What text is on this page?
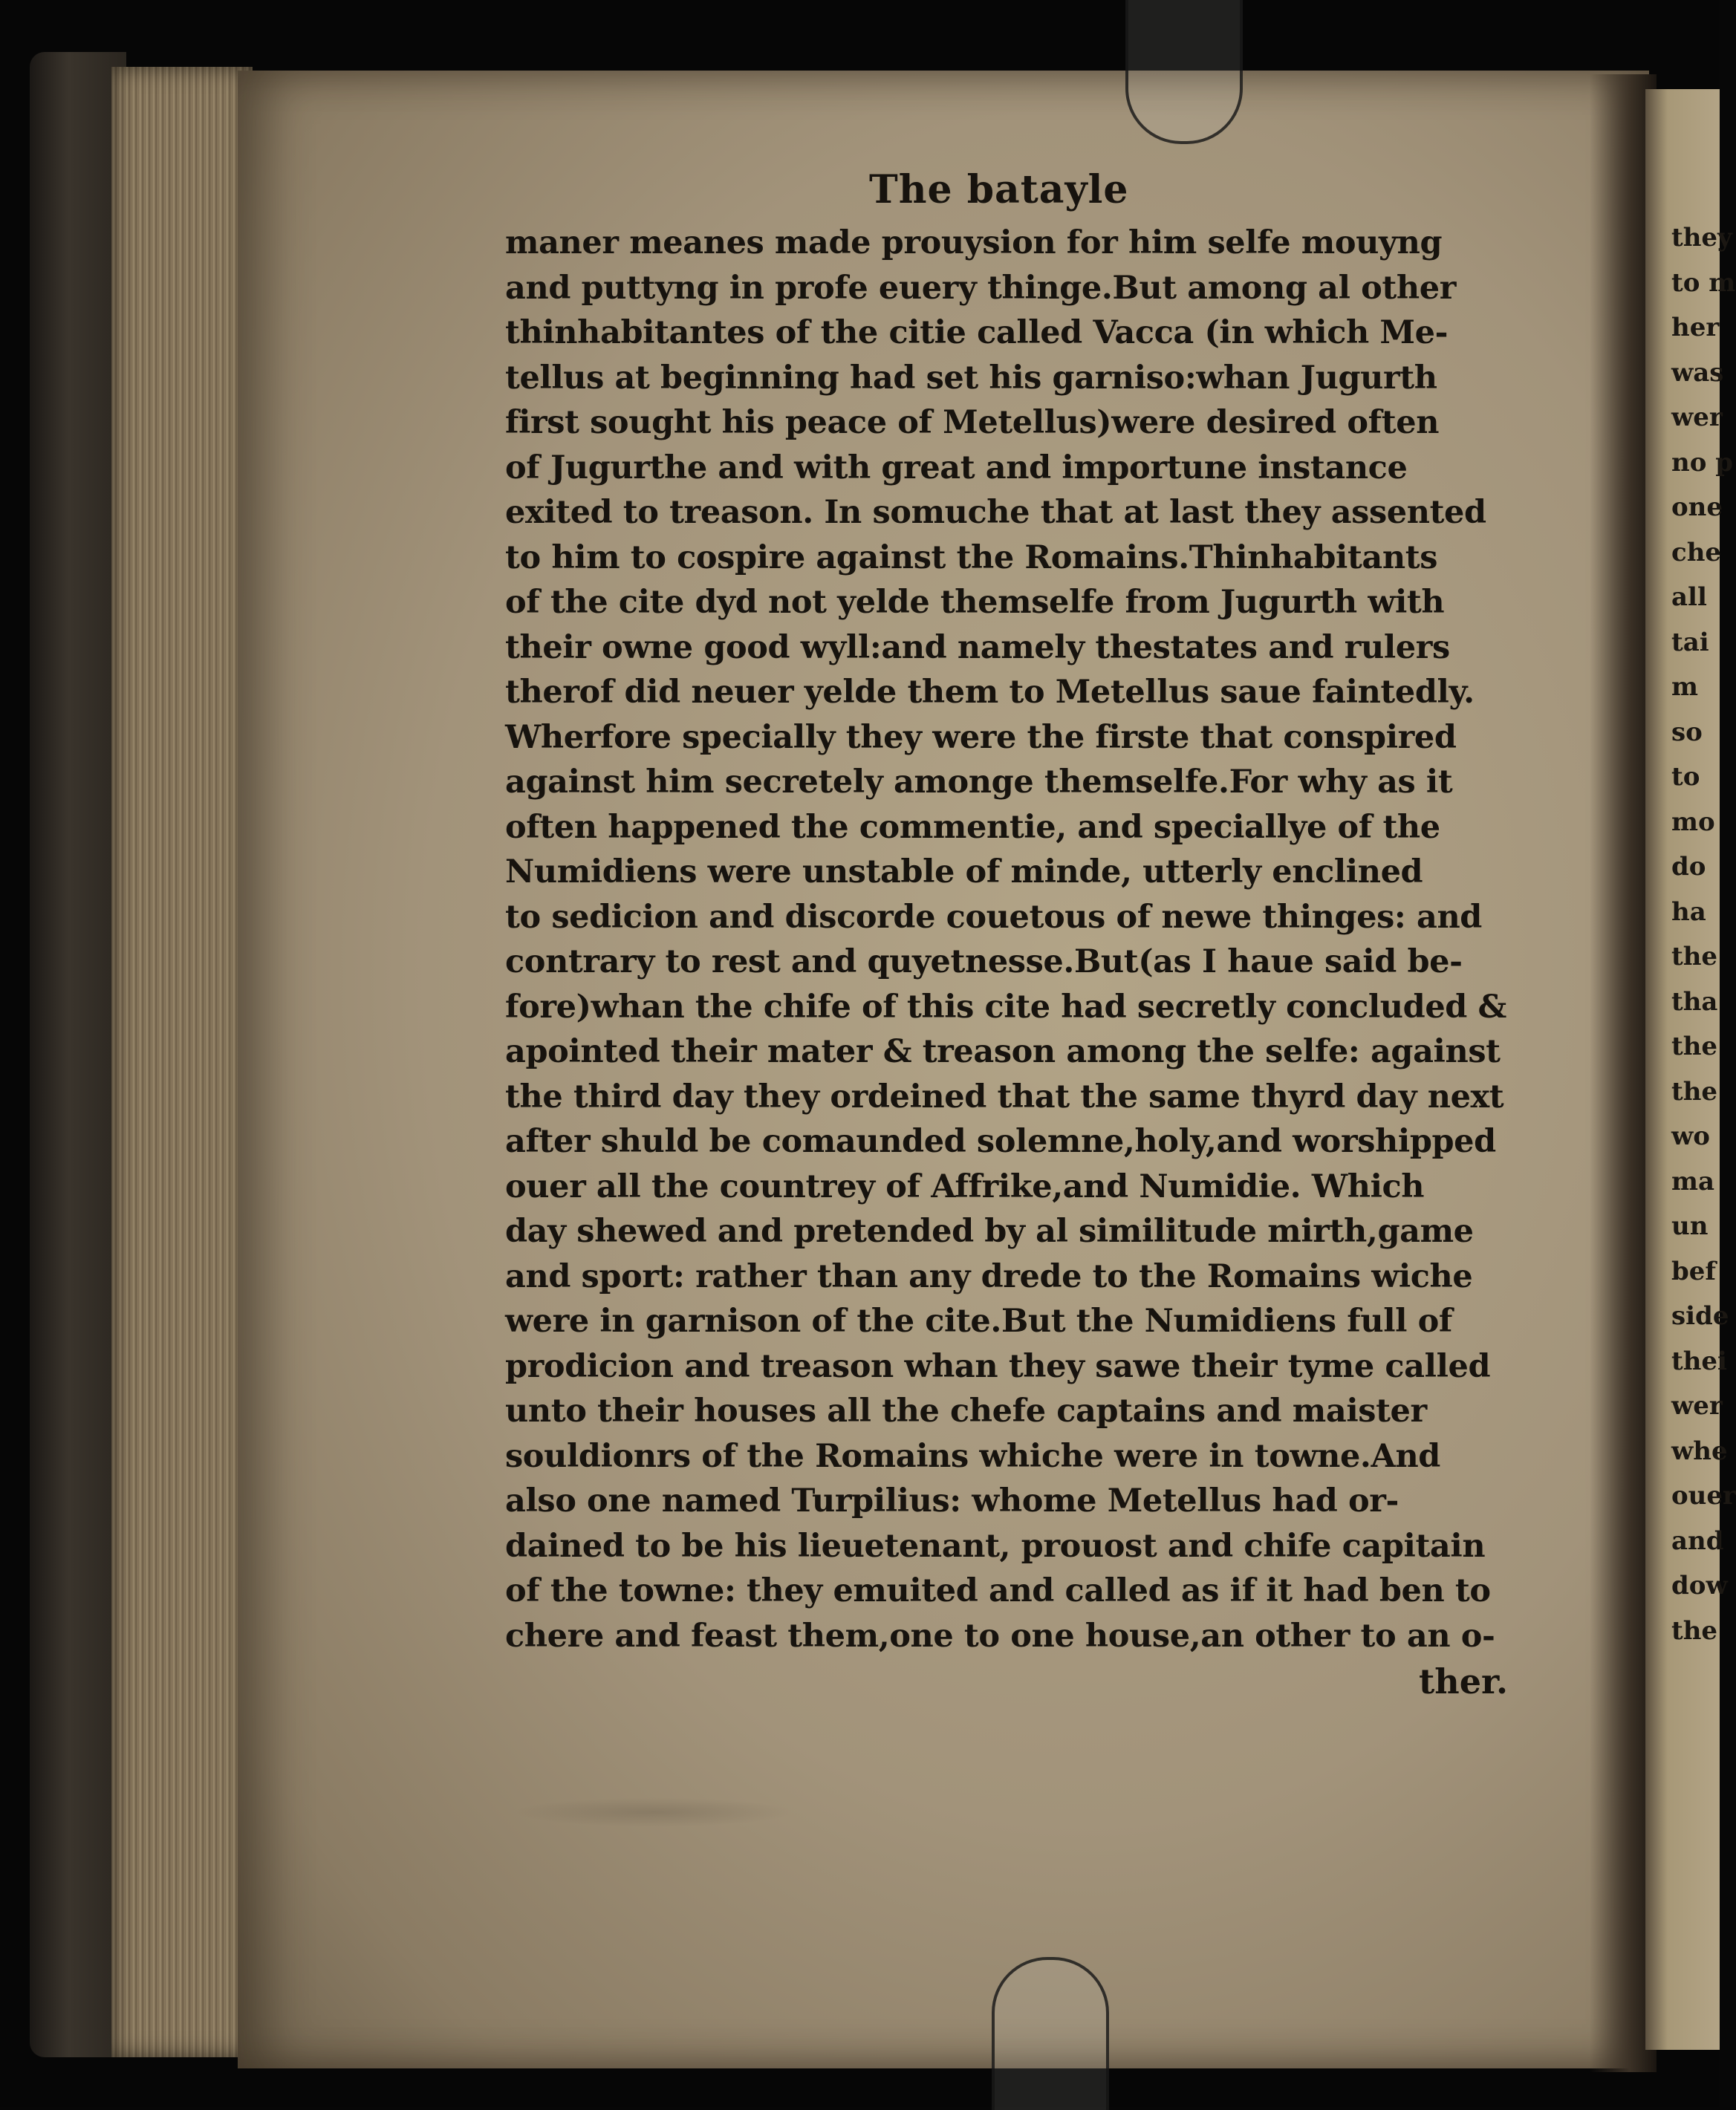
they
to m
her
was
wer
no p
one
che
all
tai
m
so
to
mo
do
ha
the
tha
the
the
wo
ma
un
bef
side
thei
wer
whe
ouer
and
dow
the
The batayle
maner meanes made prouysion for him selfe mouyng
and puttyng in profe euery thinge.But among al other
thinhabitantes of the citie called Vacca (in which Me-
tellus at beginning had set his garniso:whan Jugurth
first sought his peace of Metellus)were desired often
of Jugurthe and with great and importune instance
exited to treason. In somuche that at last they assented
to him to cospire against the Romains.Thinhabitants
of the cite dyd not yelde themselfe from Jugurth with
their owne good wyll:and namely thestates and rulers
therof did neuer yelde them to Metellus saue faintedly.
Wherfore specially they were the firste that conspired
against him secretely amonge themselfe.For why as it
often happened the commentie, and speciallye of the
Numidiens were unstable of minde, utterly enclined
to sedicion and discorde couetous of newe thinges: and
contrary to rest and quyetnesse.But(as I haue said be-
fore)whan the chife of this cite had secretly concluded &
apointed their mater & treason among the selfe: against
the third day they ordeined that the same thyrd day next
after shuld be comaunded solemne,holy,and worshipped
ouer all the countrey of Affrike,and Numidie. Which
day shewed and pretended by al similitude mirth,game
and sport: rather than any drede to the Romains wiche
were in garnison of the cite.But the Numidiens full of
prodicion and treason whan they sawe their tyme called
unto their houses all the chefe captains and maister
souldionrs of the Romains whiche were in towne.And
also one named Turpilius: whome Metellus had or-
dained to be his lieuetenant, prouost and chife capitain
of the towne: they emuited and called as if it had ben to
chere and feast them,one to one house,an other to an o-
ther.
